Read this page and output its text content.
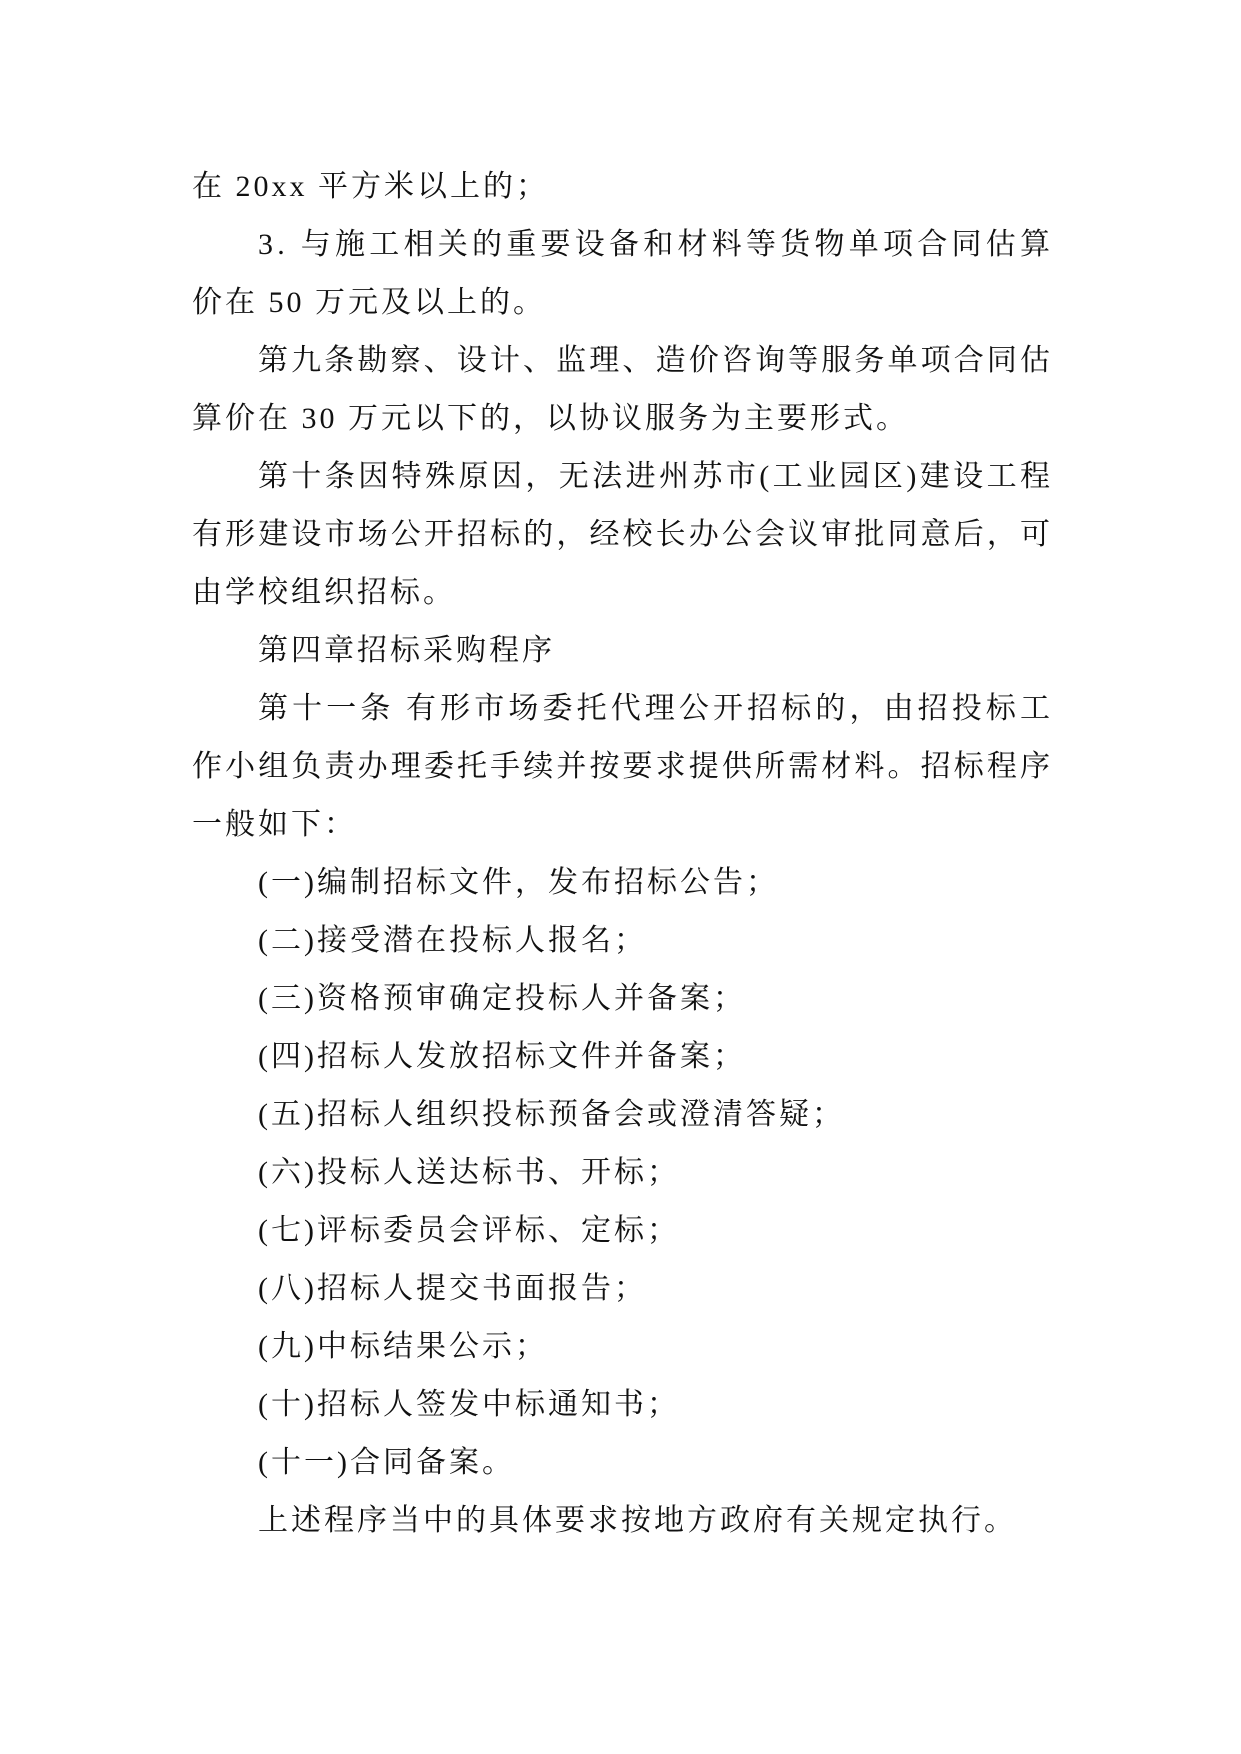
在 20xx 平方米以上的；
3. 与施工相关的重要设备和材料等货物单项合同估算
价在 50 万元及以上的。
第九条勘察、设计、监理、造价咨询等服务单项合同估
算价在 30 万元以下的，以协议服务为主要形式。
第十条因特殊原因，无法进州苏市(工业园区)建设工程
有形建设市场公开招标的，经校长办公会议审批同意后，可
由学校组织招标。
第四章招标采购程序
第十一条 有形市场委托代理公开招标的，由招投标工
作小组负责办理委托手续并按要求提供所需材料。招标程序
一般如下：
(一)编制招标文件，发布招标公告；
(二)接受潜在投标人报名；
(三)资格预审确定投标人并备案；
(四)招标人发放招标文件并备案；
(五)招标人组织投标预备会或澄清答疑；
(六)投标人送达标书、开标；
(七)评标委员会评标、定标；
(八)招标人提交书面报告；
(九)中标结果公示；
(十)招标人签发中标通知书；
(十一)合同备案。
上述程序当中的具体要求按地方政府有关规定执行。
